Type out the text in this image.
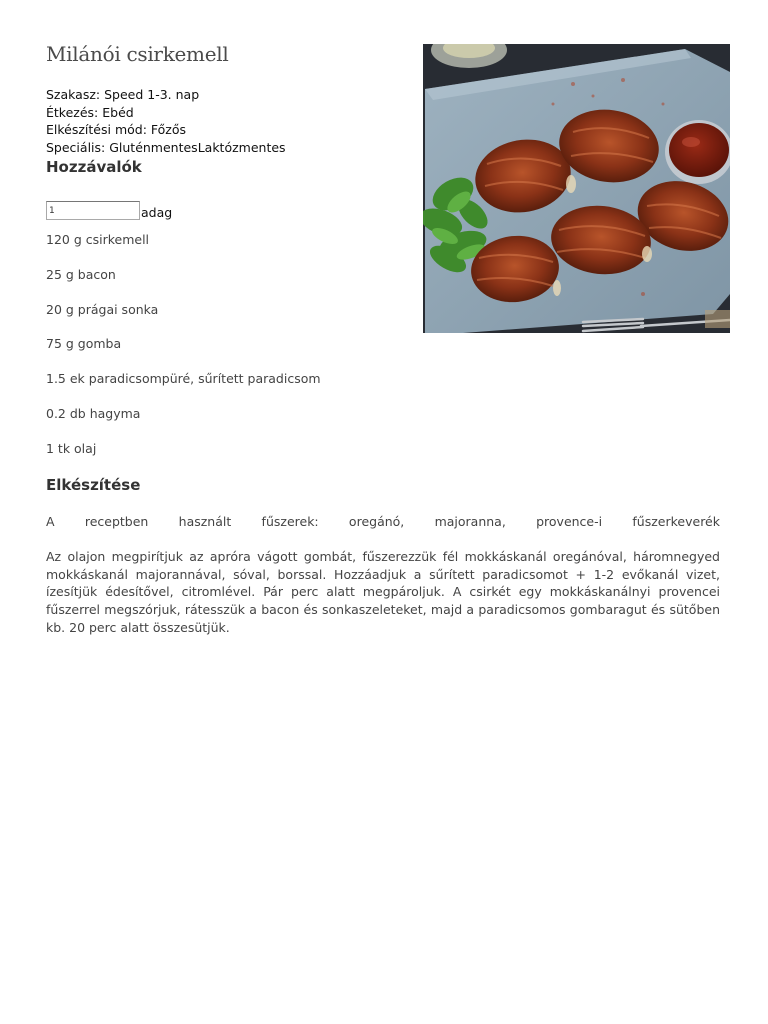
Milánói csirkemell
Szakasz: Speed 1-3. nap
Étkezés: Ebéd
Elkészítési mód: Főzős
Speciális: GluténmentesLaktózmentes
Hozzávalók
1
adag
120 g csirkemell
25 g bacon
20 g prágai sonka
75 g gomba
1.5 ek paradicsompüré, sűrített paradicsom
0.2 db hagyma
1 tk olaj
Elkészítése

A receptben használt fűszerek: oregánó, majoranna, provence-i fűszerkeverék

Az olajon megpirítjuk az apróra vágott gombát, fűszerezzük fél mokkáskanál oregánóval, háromnegyed mokkáskanál majorannával, sóval, borssal. Hozzáadjuk a sűrített paradicsomot + 1-2 evőkanál vizet, ízesítjük édesítővel, citromlével. Pár perc alatt megpároljuk. A csirkét egy mokkáskanálnyi provencei fűszerrel megszórjuk, rátesszük a bacon és sonkaszeleteket, majd a paradicsomos gombaragut és sütőben kb. 20 perc alatt összesütjük.
